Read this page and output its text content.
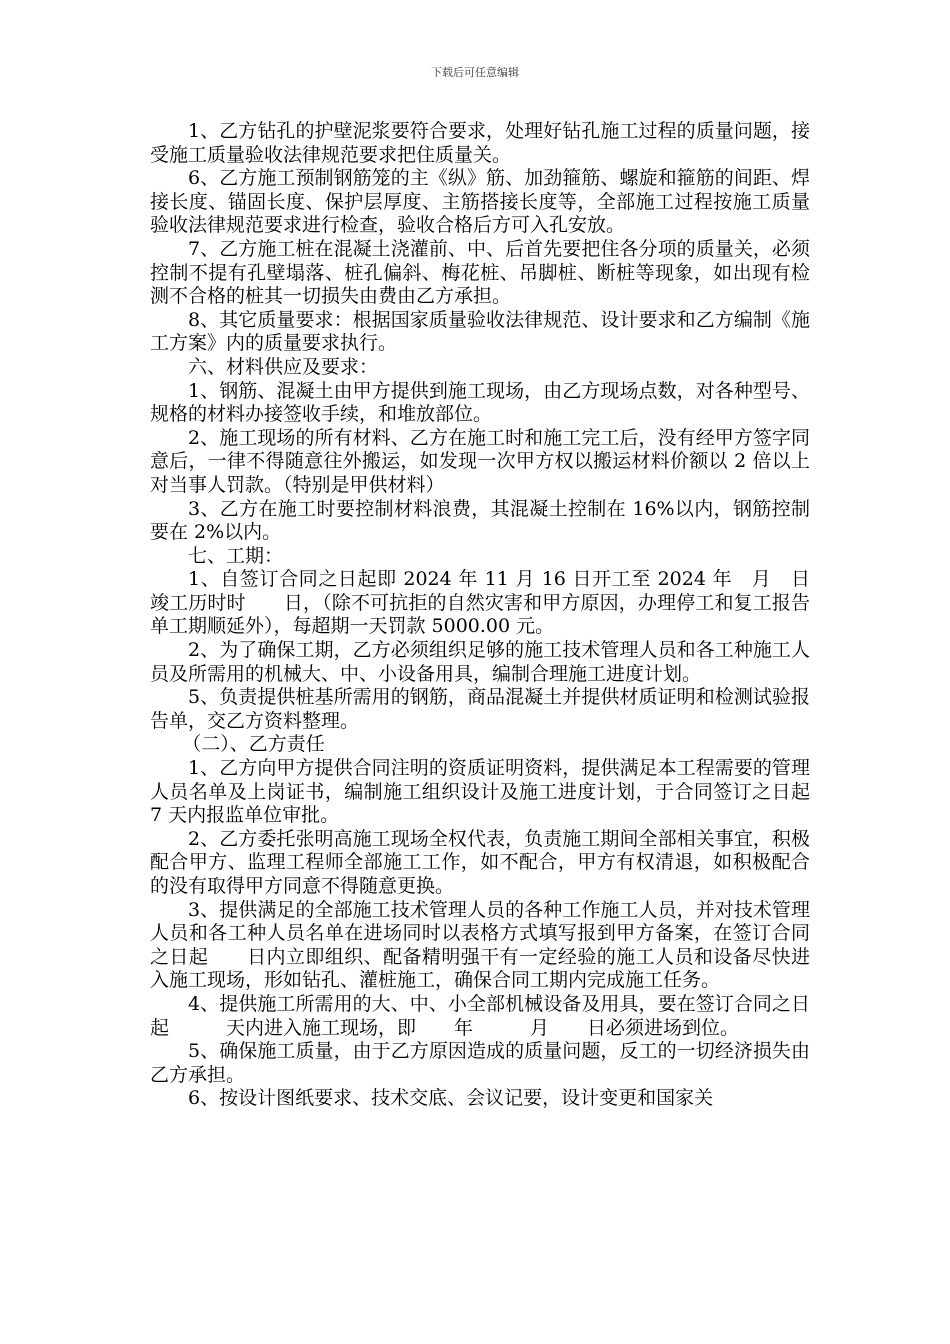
下载后可任意编辑

1、乙方钻孔的护壁泥浆要符合要求，处理好钻孔施工过程的质量问题，接受施工质量验收法律规范要求把住质量关。

6、乙方施工预制钢筋笼的主《纵》筋、加劲箍筋、螺旋和箍筋的间距、焊接长度、锚固长度、保护层厚度、主筋搭接长度等，全部施工过程按施工质量验收法律规范要求进行检查，验收合格后方可入孔安放。

7、乙方施工桩在混凝土浇灌前、中、后首先要把住各分项的质量关，必须控制不提有孔壁塌落、桩孔偏斜、梅花桩、吊脚桩、断桩等现象，如出现有检测不合格的桩其一切损失由费由乙方承担。

8、其它质量要求：根据国家质量验收法律规范、设计要求和乙方编制《施工方案》内的质量要求执行。

六、材料供应及要求：

1、钢筋、混凝土由甲方提供到施工现场，由乙方现场点数，对各种型号、规格的材料办接签收手续，和堆放部位。

2、施工现场的所有材料、乙方在施工时和施工完工后，没有经甲方签字同意后，一律不得随意往外搬运，如发现一次甲方权以搬运材料价额以 2 倍以上对当事人罚款。（特别是甲供材料）

3、乙方在施工时要控制材料浪费，其混凝土控制在 16%以内，钢筋控制要在 2%以内。

七、工期：

1、自签订合同之日起即 2024 年 11 月 16 日开工至 2024 年　月　日竣工历时时　　日，（除不可抗拒的自然灾害和甲方原因，办理停工和复工报告单工期顺延外），每超期一天罚款 5000.00 元。

2、为了确保工期，乙方必须组织足够的施工技术管理人员和各工种施工人员及所需用的机械大、中、小设备用具，编制合理施工进度计划。

5、负责提供桩基所需用的钢筋，商品混凝土并提供材质证明和检测试验报告单，交乙方资料整理。

（二）、乙方责任

1、乙方向甲方提供合同注明的资质证明资料，提供满足本工程需要的管理人员名单及上岗证书，编制施工组织设计及施工进度计划，于合同签订之日起 7 天内报监单位审批。

2、乙方委托张明高施工现场全权代表，负责施工期间全部相关事宜，积极配合甲方、监理工程师全部施工工作，如不配合，甲方有权清退，如积极配合的没有取得甲方同意不得随意更换。

3、提供满足的全部施工技术管理人员的各种工作施工人员，并对技术管理人员和各工种人员名单在进场同时以表格方式填写报到甲方备案，在签订合同之日起　　日内立即组织、配备精明强干有一定经验的施工人员和设备尽快进入施工现场，形如钻孔、灌桩施工，确保合同工期内完成施工任务。

4、提供施工所需用的大、中、小全部机械设备及用具，要在签订合同之日起　　　天内进入施工现场，即　　年　　　月　　日必须进场到位。

5、确保施工质量，由于乙方原因造成的质量问题，反工的一切经济损失由乙方承担。

6、按设计图纸要求、技术交底、会议记要，设计变更和国家关
